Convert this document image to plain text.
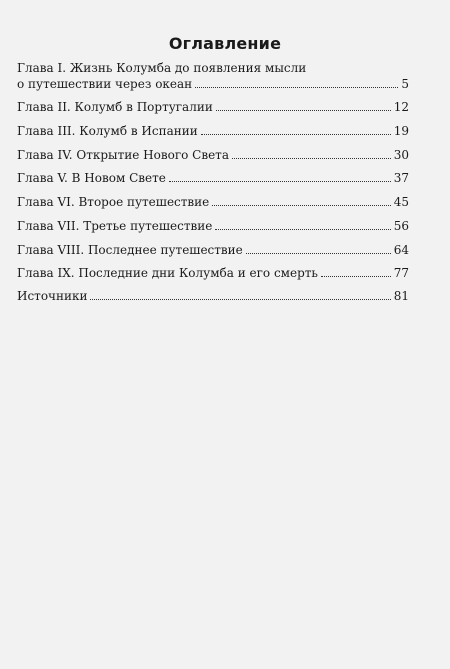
Оглавление
Глава I. Жизнь Колумба до появления мысли
о путешествии через океан	5
Глава II. Колумб в Португалии	12
Глава III. Колумб в Испании	19
Глава IV. Открытие Нового Света	30
Глава V. В Новом Свете	37
Глава VI. Второе путешествие	45
Глава VII. Третье путешествие	56
Глава VIII. Последнее путешествие	64
Глава IX. Последние дни Колумба и его смерть	77
Источники	81
